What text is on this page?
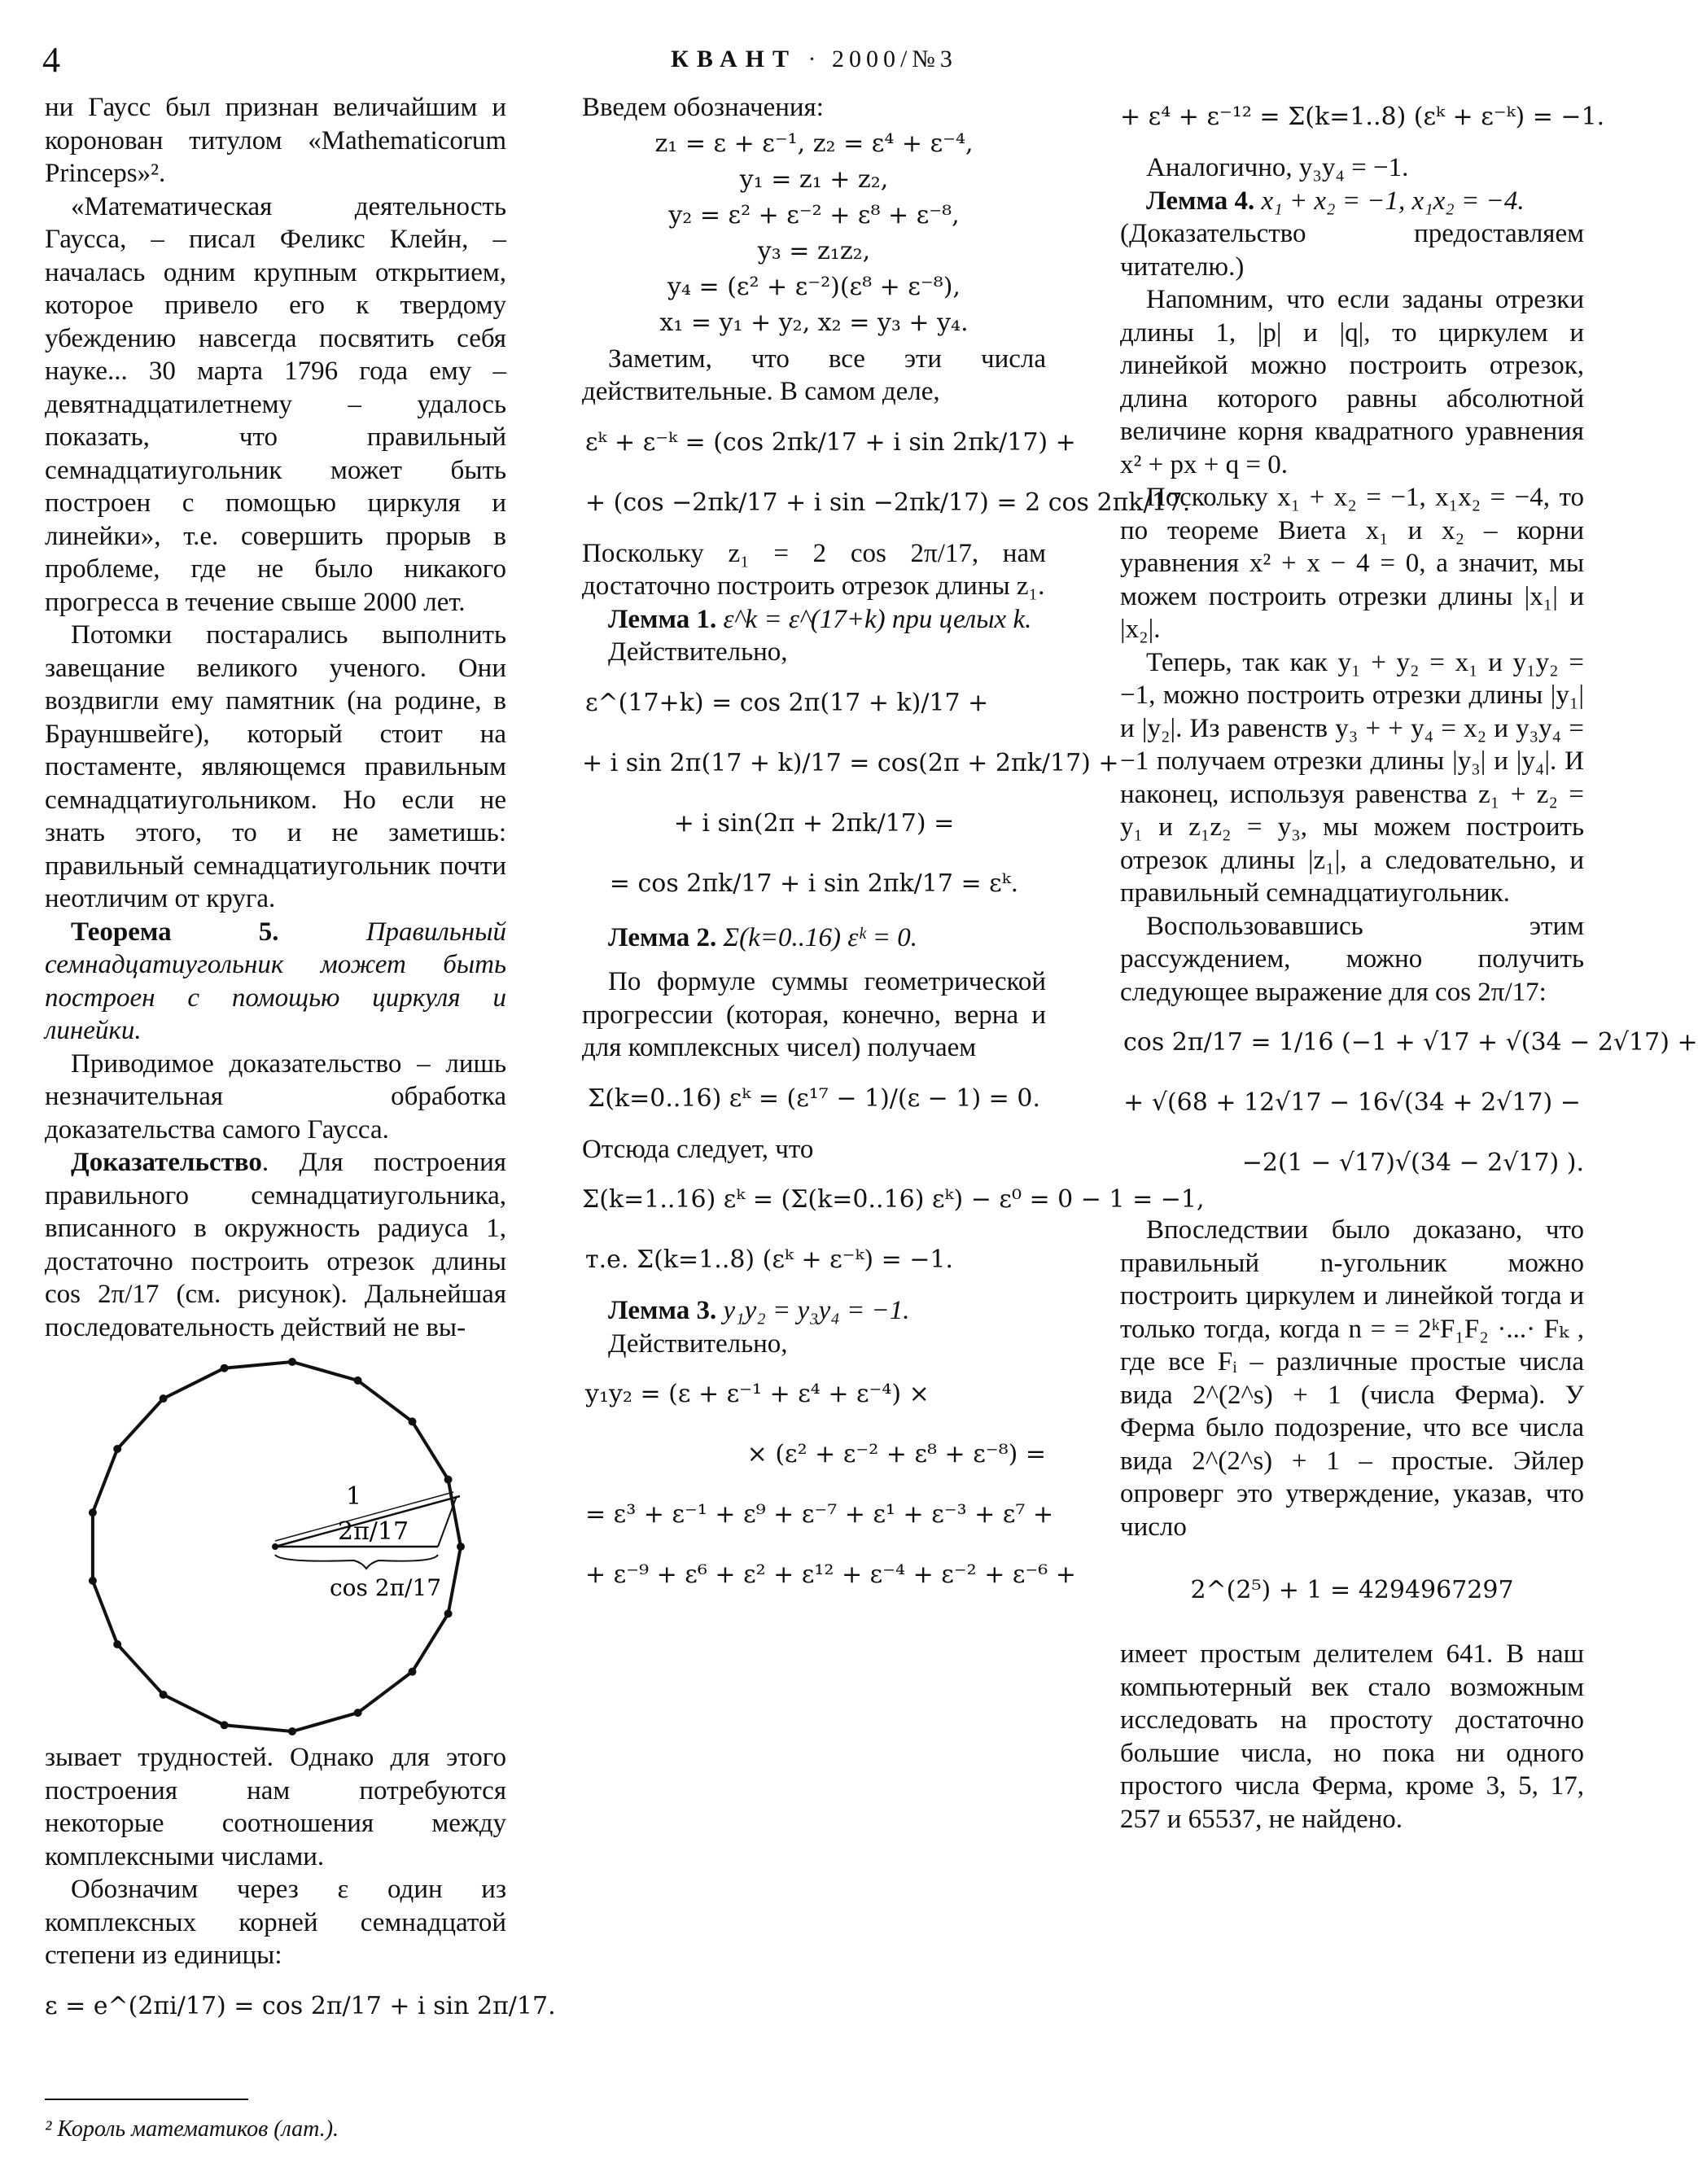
4	КВАНТ · 2000/№3

ни Гаусс был признан величайшим и коронован титулом «Mathematicorum Princeps»².

«Математическая деятельность Гаусса, – писал Феликс Клейн, – началась одним крупным открытием, которое привело его к твердому убеждению навсегда посвятить себя науке... 30 марта 1796 года ему – девятнадцатилетнему – удалось показать, что правильный семнадцатиугольник может быть построен с помощью циркуля и линейки», т.е. совершить прорыв в проблеме, где не было никакого прогресса в течение свыше 2000 лет.

Потомки постарались выполнить завещание великого ученого. Они воздвигли ему памятник (на родине, в Брауншвейге), который стоит на постаменте, являющемся правильным семнадцатиугольником. Но если не знать этого, то и не заметишь: правильный семнадцатиугольник почти неотличим от круга.

Теорема 5.	Правильный семнадцатиугольник может быть построен с помощью циркуля и линейки.

Приводимое доказательство – лишь незначительная обработка доказательства самого Гаусса.

Доказательство. Для построения правильного семнадцатиугольника, вписанного в окружность радиуса 1, достаточно построить отрезок длины cos 2π/17 (см. рисунок). Дальнейшая последовательность действий не вы-

1
2π/17
cos 2π/17

зывает трудностей. Однако для этого построения нам потребуются некоторые соотношения между комплексными числами.

Обозначим через ε один из комплексных корней семнадцатой степени из единицы:

ε = e^(2πi/17) = cos 2π/17 + i sin 2π/17.
² Король математиков (лат.).

Введем обозначения:

z₁ = ε + ε⁻¹, z₂ = ε⁴ + ε⁻⁴,
y₁ = z₁ + z₂,
y₂ = ε² + ε⁻² + ε⁸ + ε⁻⁸,
y₃ = z₁z₂,
y₄ = (ε² + ε⁻²)(ε⁸ + ε⁻⁸),
x₁ = y₁ + y₂, x₂ = y₃ + y₄.

Заметим, что все эти числа действительные. В самом деле,

εᵏ + ε⁻ᵏ = (cos 2πk/17 + i sin 2πk/17) +
+ (cos −2πk/17 + i sin −2πk/17) = 2 cos 2πk/17.

Поскольку z₁ = 2 cos 2π/17, нам достаточно построить отрезок длины z₁.

Лемма 1. ε^k = ε^(17+k) при целых k.

Действительно,

ε^(17+k) = cos 2π(17 + k)/17 +
+ i sin 2π(17 + k)/17 = cos(2π + 2πk/17) +
+ i sin(2π + 2πk/17) =
= cos 2πk/17 + i sin 2πk/17 = εᵏ.

Лемма 2. Σ(k=0..16) εᵏ = 0.

По формуле суммы геометрической прогрессии (которая, конечно, верна и для комплексных чисел) получаем

Σ(k=0..16) εᵏ = (ε¹⁷ − 1)/(ε − 1) = 0.

Отсюда следует, что

Σ(k=1..16) εᵏ = (Σ(k=0..16) εᵏ) − ε⁰ = 0 − 1 = −1,
т.е. Σ(k=1..8) (εᵏ + ε⁻ᵏ) = −1.

Лемма 3. y₁y₂ = y₃y₄ = −1.

Действительно,

y₁y₂ = (ε + ε⁻¹ + ε⁴ + ε⁻⁴) ×
× (ε² + ε⁻² + ε⁸ + ε⁻⁸) =
= ε³ + ε⁻¹ + ε⁹ + ε⁻⁷ + ε¹ + ε⁻³ + ε⁷ +
+ ε⁻⁹ + ε⁶ + ε² + ε¹² + ε⁻⁴ + ε⁻² + ε⁻⁶ +
+ ε⁴ + ε⁻¹² = Σ(k=1..8) (εᵏ + ε⁻ᵏ) = −1.

Аналогично, y₃y₄ = −1.

Лемма 4. x₁ + x₂ = −1, x₁x₂ = −4.

(Доказательство предоставляем читателю.)

Напомним, что если заданы отрезки длины 1, |p| и |q|, то циркулем и линейкой можно построить отрезок, длина которого равны абсолютной величине корня квадратного уравнения x² + px + q = 0.

Поскольку x₁ + x₂ = −1, x₁x₂ = −4, то по теореме Виета x₁ и x₂ – корни уравнения x² + x − 4 = 0, а значит, мы можем построить отрезки длины |x₁| и |x₂|.

Теперь, так как y₁ + y₂ = x₁ и y₁y₂ = −1, можно построить отрезки длины |y₁| и |y₂|. Из равенств y₃ + + y₄ = x₂ и y₃y₄ = −1 получаем отрезки длины |y₃| и |y₄|. И наконец, используя равенства z₁ + z₂ = y₁ и z₁z₂ = y₃, мы можем построить отрезок длины |z₁|, а следовательно, и правильный семнадцатиугольник.

Воспользовавшись этим рассуждением, можно получить следующее выражение для cos 2π/17:

cos 2π/17 = 1/16 (−1 + √17 + √(34 − 2√17) +
+ √(68 + 12√17 − 16√(34 + 2√17) −
−2(1 − √17)√(34 − 2√17) ).

Впоследствии было доказано, что правильный n-угольник можно построить циркулем и линейкой тогда и только тогда, когда n = = 2ᵏF₁F₂ ·...· Fₖ , где все Fᵢ – различные простые числа вида 2^(2^s) + 1 (числа Ферма). У Ферма было подозрение, что все числа вида 2^(2^s) + 1 – простые. Эйлер опроверг это утверждение, указав, что число

2^(2⁵) + 1 = 4294967297

имеет простым делителем 641. В наш компьютерный век стало возможным исследовать на простоту достаточно большие числа, но пока ни одного простого числа Ферма, кроме 3, 5, 17, 257 и 65537, не найдено.
